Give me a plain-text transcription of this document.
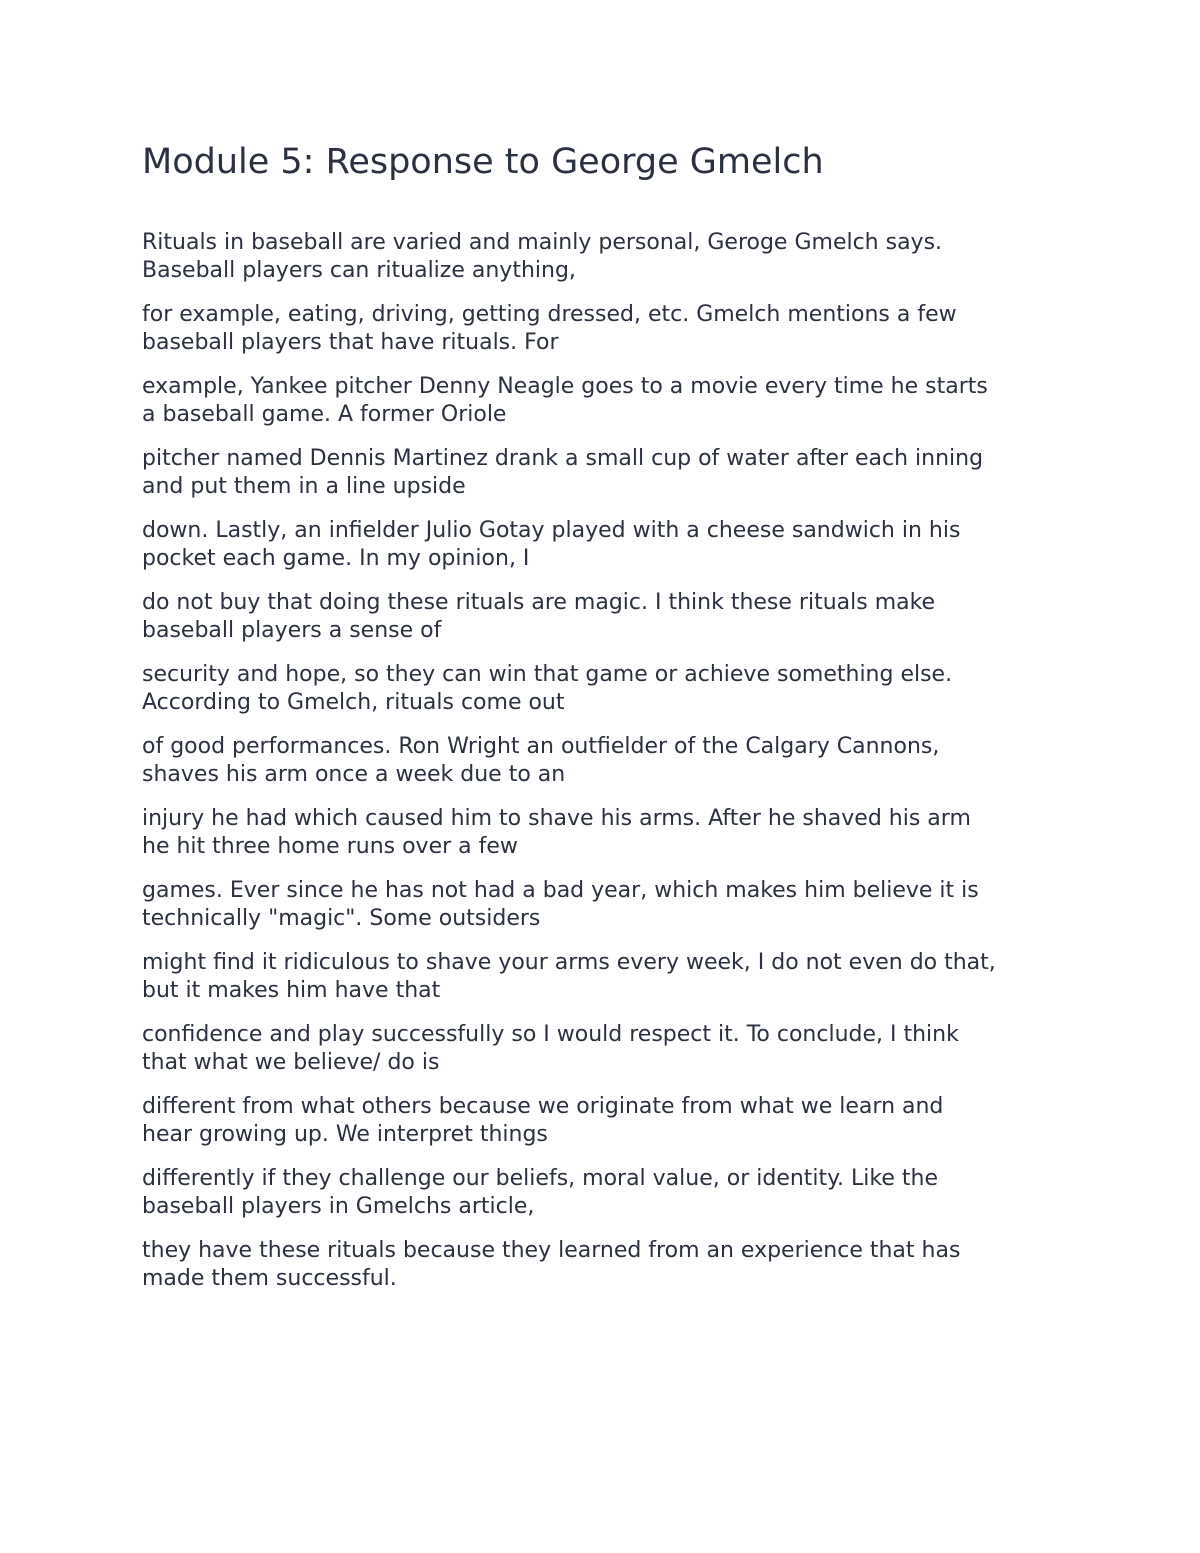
Module 5: Response to George Gmelch

Rituals in baseball are varied and mainly personal, Geroge Gmelch says.
Baseball players can ritualize anything,

for example, eating, driving, getting dressed, etc. Gmelch mentions a few
baseball players that have rituals. For

example, Yankee pitcher Denny Neagle goes to a movie every time he starts
a baseball game. A former Oriole

pitcher named Dennis Martinez drank a small cup of water after each inning
and put them in a line upside

down. Lastly, an infielder Julio Gotay played with a cheese sandwich in his
pocket each game. In my opinion, I

do not buy that doing these rituals are magic. I think these rituals make
baseball players a sense of

security and hope, so they can win that game or achieve something else.
According to Gmelch, rituals come out

of good performances. Ron Wright an outfielder of the Calgary Cannons,
shaves his arm once a week due to an

injury he had which caused him to shave his arms. After he shaved his arm
he hit three home runs over a few

games. Ever since he has not had a bad year, which makes him believe it is
technically "magic". Some outsiders

might find it ridiculous to shave your arms every week, I do not even do that,
but it makes him have that

confidence and play successfully so I would respect it. To conclude, I think
that what we believe/ do is

different from what others because we originate from what we learn and
hear growing up. We interpret things

differently if they challenge our beliefs, moral value, or identity. Like the
baseball players in Gmelchs article,

they have these rituals because they learned from an experience that has
made them successful.
